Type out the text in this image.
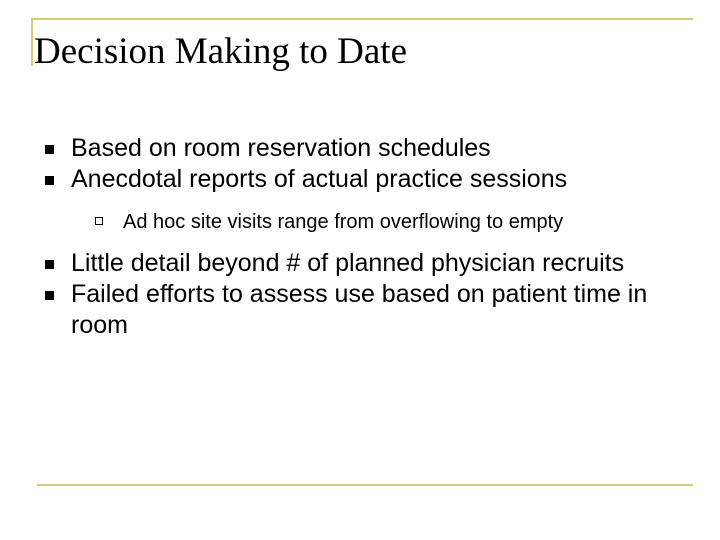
Decision Making to Date
Based on room reservation schedules
Anecdotal reports of actual practice sessions
Ad hoc site visits range from overflowing to empty
Little detail beyond # of planned physician recruits
Failed efforts to assess use based on patient time in room
